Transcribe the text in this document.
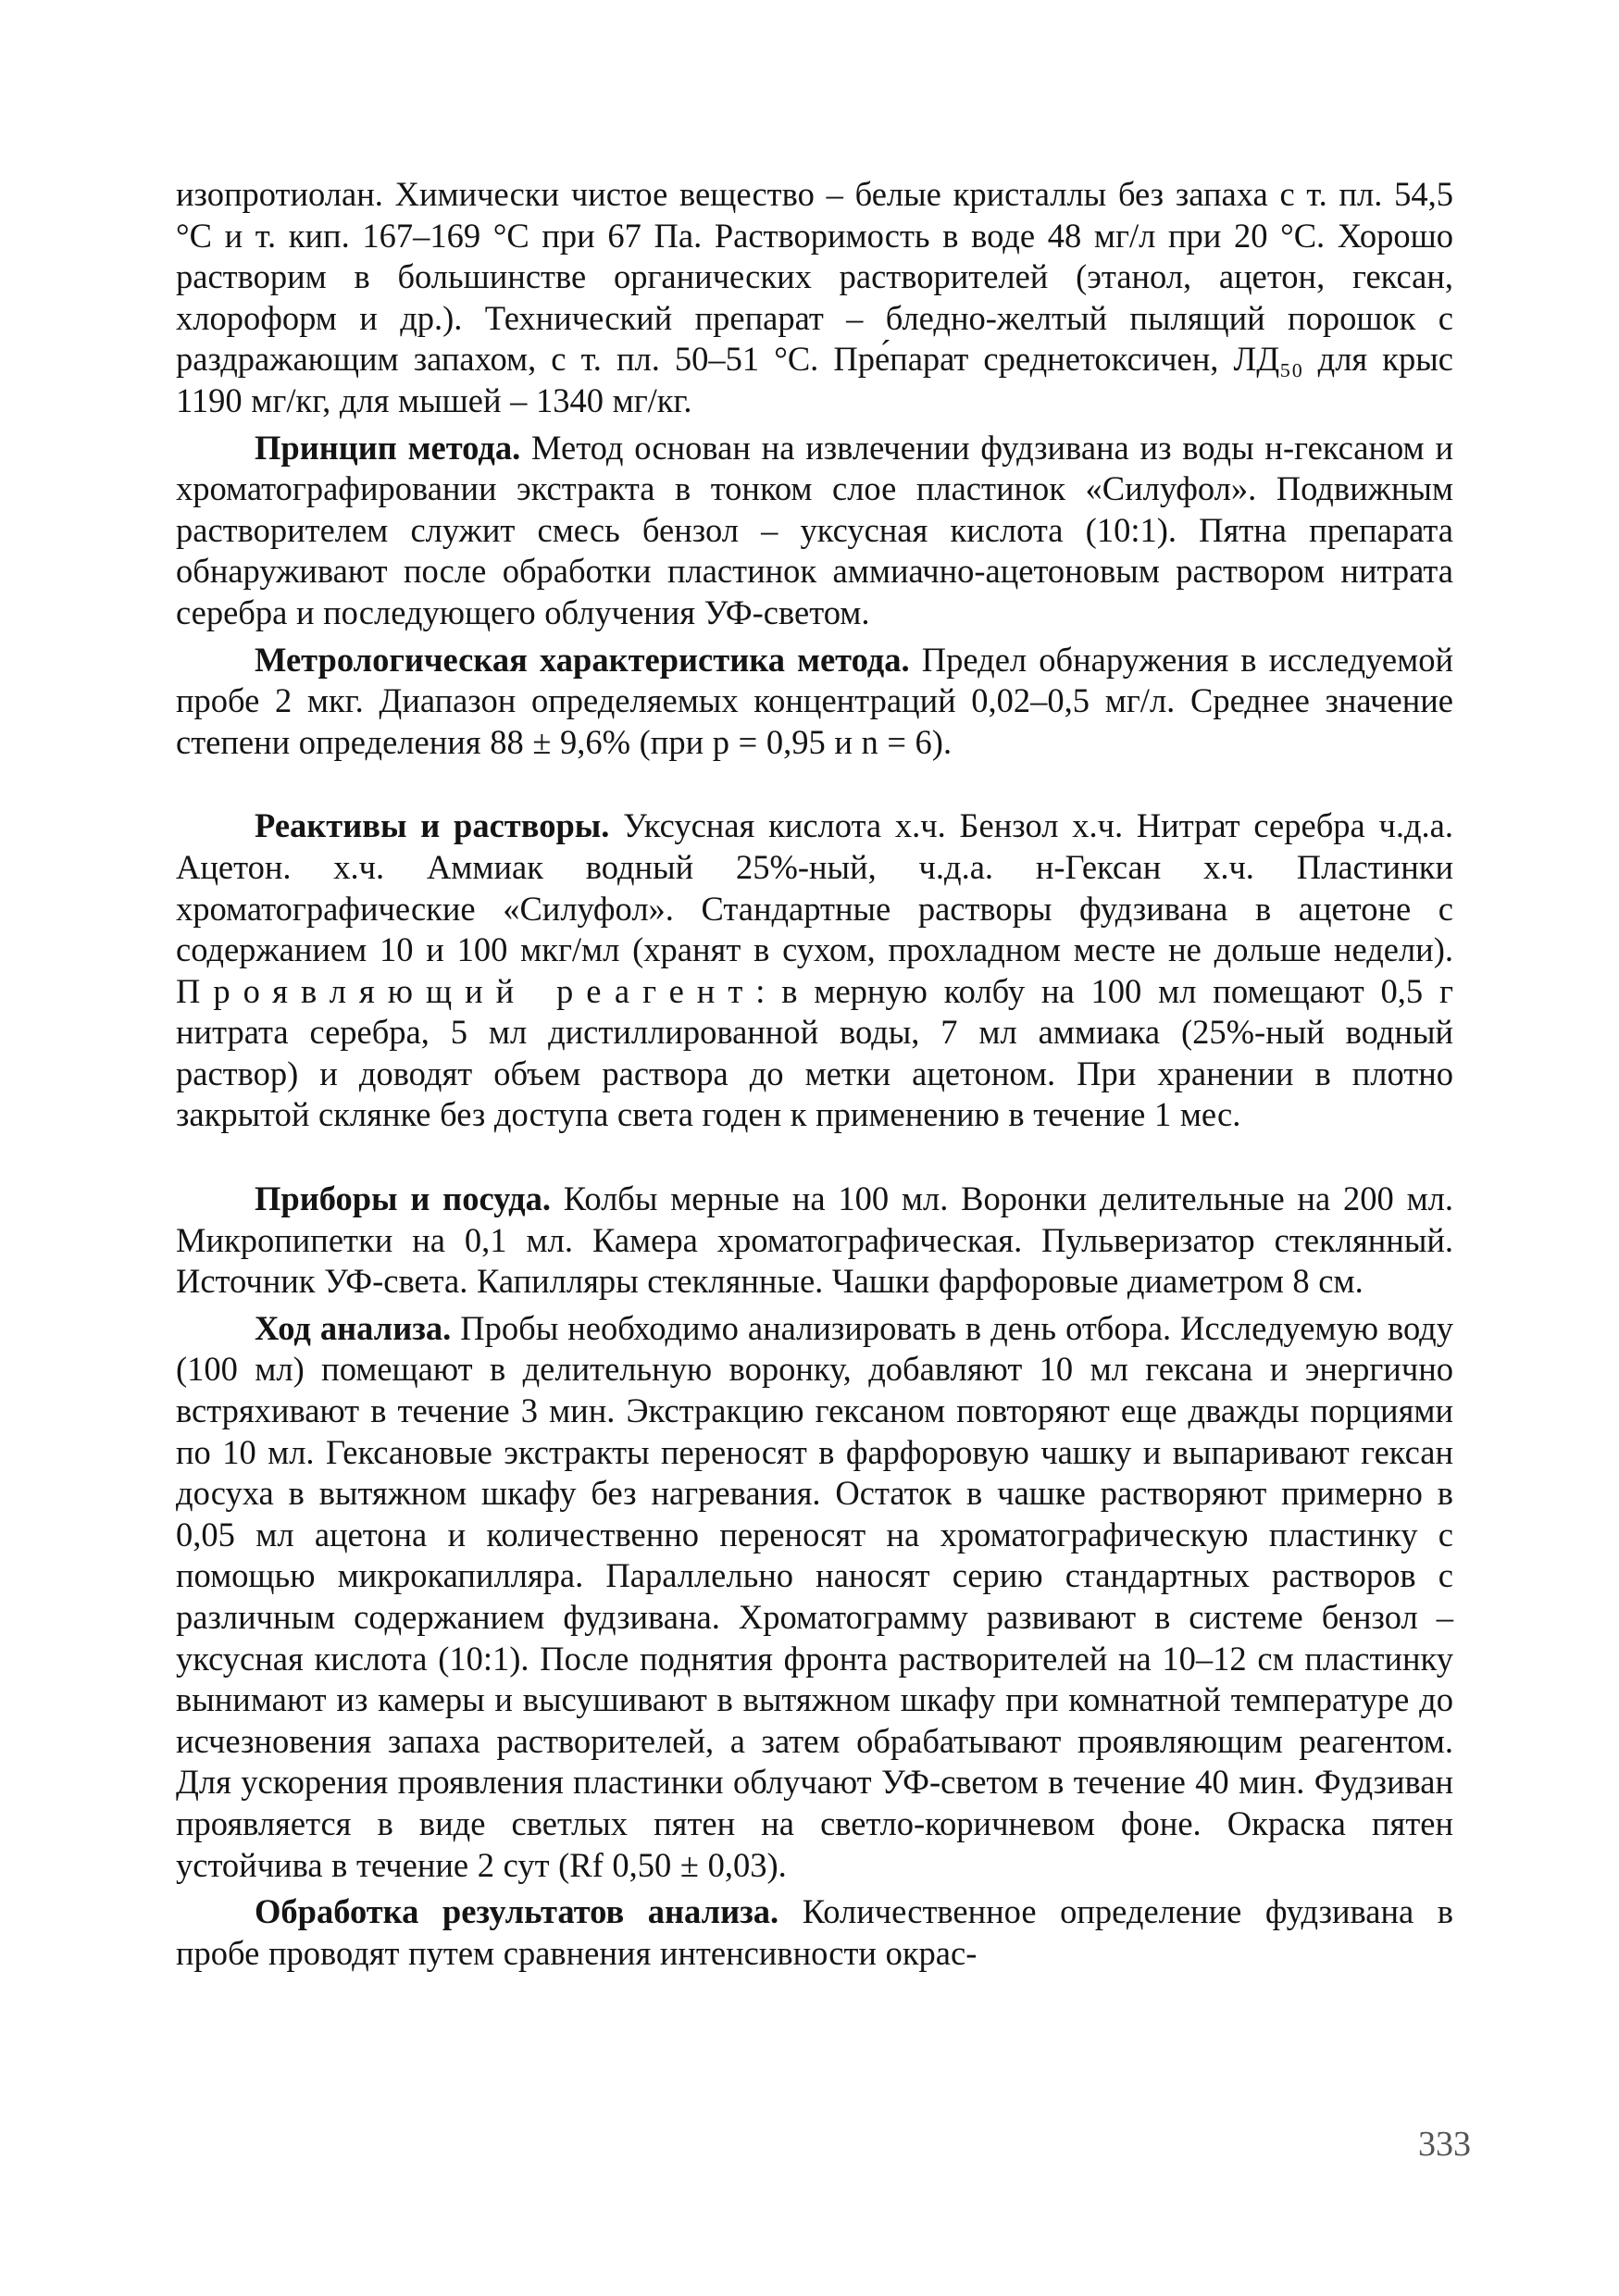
изопротиолан. Химически чистое вещество – белые кристаллы без запаха с т. пл. 54,5 °С и т. кип. 167–169 °С при 67 Па. Растворимость в воде 48 мг/л при 20 °С. Хорошо растворим в большинстве органических растворителей (этанол, ацетон, гексан, хлороформ и др.). Технический препарат – бледно-желтый пылящий порошок с раздражающим запахом, с т. пл. 50–51 °С. Пре́парат среднетоксичен, ЛД₅₀ для крыс 1190 мг/кг, для мышей – 1340 мг/кг.

Принцип метода. Метод основан на извлечении фудзивана из воды н-гексаном и хроматографировании экстракта в тонком слое пластинок «Силуфол». Подвижным растворителем служит смесь бензол – уксусная кислота (10:1). Пятна препарата обнаруживают после обработки пластинок аммиачно-ацетоновым раствором нитрата серебра и последующего облучения УФ-светом.

Метрологическая характеристика метода. Предел обнаружения в исследуемой пробе 2 мкг. Диапазон определяемых концентраций 0,02–0,5 мг/л. Среднее значение степени определения 88 ± 9,6% (при p = 0,95 и n = 6).

Реактивы и растворы. Уксусная кислота х.ч. Бензол х.ч. Нитрат серебра ч.д.а. Ацетон. х.ч. Аммиак водный 25%-ный, ч.д.а. н-Гексан х.ч. Пластинки хроматографические «Силуфол». Стандартные растворы фудзивана в ацетоне с содержанием 10 и 100 мкг/мл (хранят в сухом, прохладном месте не дольше недели). Проявляющий реагент: в мерную колбу на 100 мл помещают 0,5 г нитрата серебра, 5 мл дистиллированной воды, 7 мл аммиака (25%-ный водный раствор) и доводят объем раствора до метки ацетоном. При хранении в плотно закрытой склянке без доступа света годен к применению в течение 1 мес.

Приборы и посуда. Колбы мерные на 100 мл. Воронки делительные на 200 мл. Микропипетки на 0,1 мл. Камера хроматографическая. Пульверизатор стеклянный. Источник УФ-света. Капилляры стеклянные. Чашки фарфоровые диаметром 8 см.

Ход анализа. Пробы необходимо анализировать в день отбора. Исследуемую воду (100 мл) помещают в делительную воронку, добавляют 10 мл гексана и энергично встряхивают в течение 3 мин. Экстракцию гексаном повторяют еще дважды порциями по 10 мл. Гексановые экстракты переносят в фарфоровую чашку и выпаривают гексан досуха в вытяжном шкафу без нагревания. Остаток в чашке растворяют примерно в 0,05 мл ацетона и количественно переносят на хроматографическую пластинку с помощью микрокапилляра. Параллельно наносят серию стандартных растворов с различным содержанием фудзивана. Хроматограмму развивают в системе бензол – уксусная кислота (10:1). После поднятия фронта растворителей на 10–12 см пластинку вынимают из камеры и высушивают в вытяжном шкафу при комнатной температуре до исчезновения запаха растворителей, а затем обрабатывают проявляющим реагентом. Для ускорения проявления пластинки облучают УФ-светом в течение 40 мин. Фудзиван проявляется в виде светлых пятен на светло-коричневом фоне. Окраска пятен устойчива в течение 2 сут (Rf 0,50 ± 0,03).

Обработка результатов анализа. Количественное определение фудзивана в пробе проводят путем сравнения интенсивности окрас-

333
